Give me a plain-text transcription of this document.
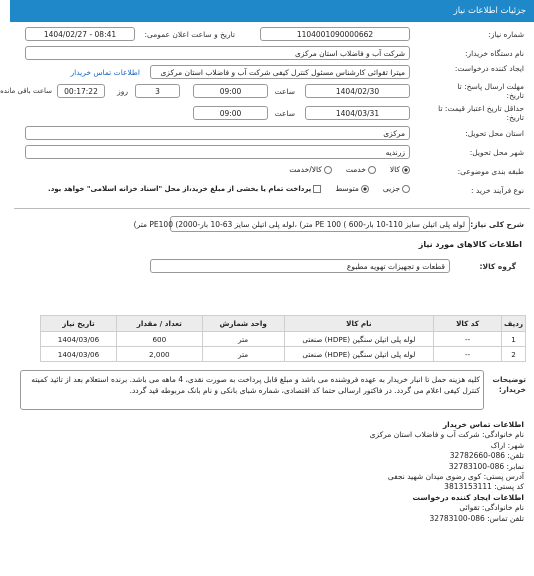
جزئیات اطلاعات نیاز
شماره نیاز:
1104001090000662
تاریخ و ساعت اعلان عمومی:
1404/02/27 - 08:41
نام دستگاه خریدار:
شرکت آب و فاضلاب استان مرکزی
ایجاد کننده درخواست:
میترا تقوائی کارشناس مسئول کنترل کیفی شرکت آب و فاضلاب استان مرکزی
اطلاعات تماس خریدار
مهلت ارسال پاسخ: تا تاریخ:
1404/02/30
ساعت
09:00
3
روز
00:17:22
ساعت باقی مانده
حداقل تاریخ اعتبار قیمت: تا تاریخ:
1404/03/31
ساعت
09:00
استان محل تحویل:
مرکزی
شهر محل تحویل:
زرندیه
طبقه بندی موضوعی:
کالا
خدمت
کالا/خدمت
نوع فرآیند خرید :
جزیی
متوسط
پرداخت تمام یا بخشی از مبلغ خرید،از محل "اسناد خزانه اسلامی" خواهد بود.
شرح کلی نیاز:
لوله پلی اتیلن سایز 110-10 بار-600 ) PE 100 متر) ،لوله پلی اتیلن سایز 63-10 بار-2000) PE100 متر)
اطلاعات کالاهای مورد نیاز
گروه کالا:
قطعات و تجهیزات تهویه مطبوع
ردیف	کد کالا	نام کالا	واحد شمارش	تعداد / مقدار	تاریخ نیاز
1	--	لوله پلی اتیلن سنگین (HDPE) صنعتی	متر	600	1404/03/06
2	--	لوله پلی اتیلن سنگین (HDPE) صنعتی	متر	2,000	1404/03/06
توضیحات خریدار:
کلیه هزینه حمل تا انبار خریدار به عهده فروشنده می باشد و مبلغ قابل پرداخت به صورت نقدی، 4 ماهه می باشد. برنده استعلام بعد از تائید کمیته کنترل کیفی اعلام می گردد. در فاکتور ارسالی حتما کد اقتصادی، شماره شبای بانکی و نام بانک مربوطه قید گردد.
اطلاعات تماس خریدار
نام خانوادگی: شرکت آب و فاضلاب استان مرکزی
شهر: اراک
تلفن: 086-32782660
نمابر: 086-32783100
آدرس پستی: کوی رضوی میدان شهید نجفی
کد پستی: 3813153111
اطلاعات ایجاد کننده درخواست
نام خانوادگی: تقوائی
تلفن تماس: 086-32783100
